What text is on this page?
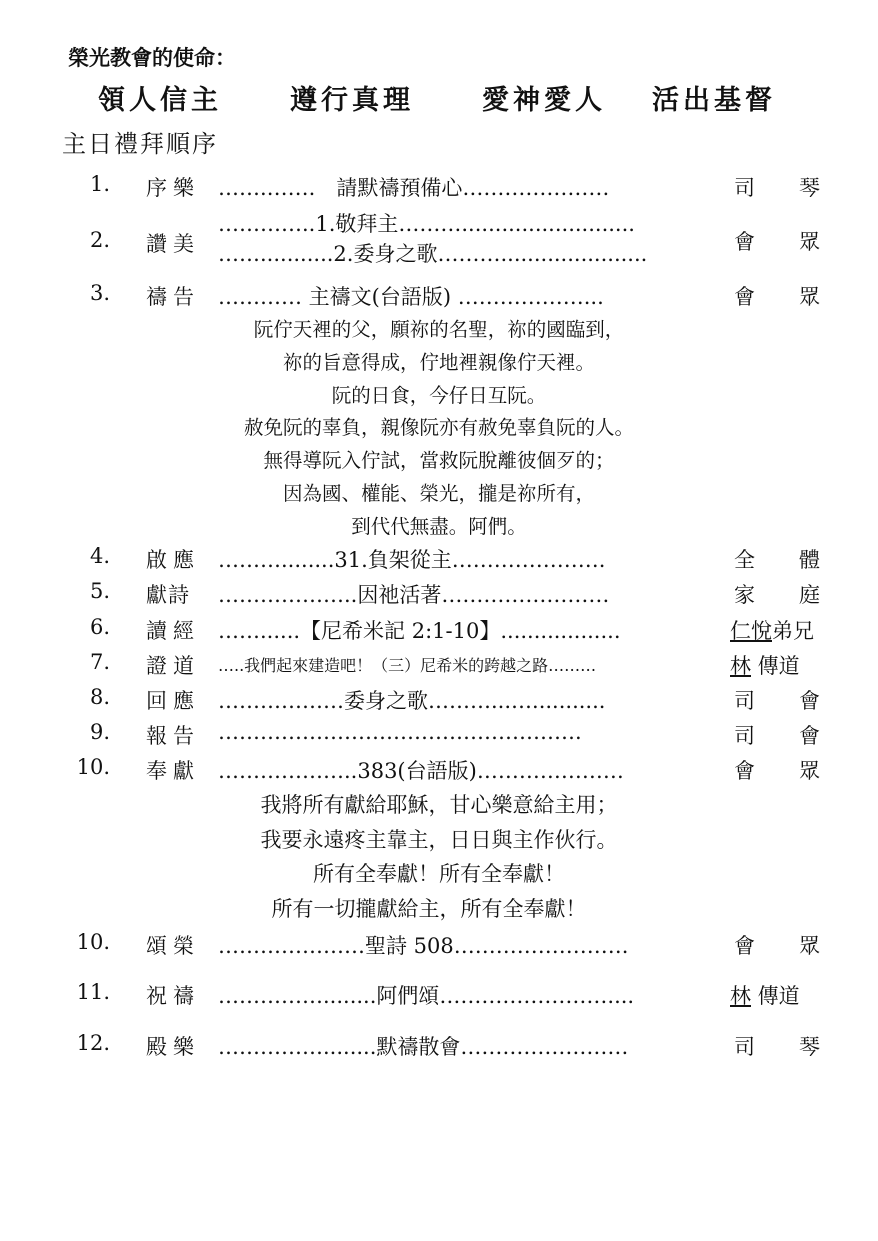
榮光教會的使命：
領人信主	遵行真理	愛神愛人 活出基督
主日禮拜順序
1. 序樂 …….…….　請默禱預備心…………………	司 琴
2. 讚美
…………..1.敬拜主………..........................
……...........2.委身之歌………......................	會 眾
3. 禱告 ………… 主禱文(台語版) ………………...	會 眾
阮佇天裡的父，願祢的名聖，祢的國臨到，
祢的旨意得成，佇地裡親像佇天裡。
阮的日食，今仔日互阮。
赦免阮的辜負，親像阮亦有赦免辜負阮的人。
無得導阮入佇試，當救阮脫離彼個歹的；
因為國、權能、榮光，攏是祢所有，
到代代無盡。阿們。
4. 啟應 ………........31.負架從主………………….	全 體
5. 獻詩 ………………..因祂活著……………………	家 庭
6. 讀經 ……......【尼希米記 2:1-10】..................	仁悅弟兄
7. 證道 …..我們起來建造吧！（三）尼希米的跨越之路………	林 傳道
8. 回應 ………………委身之歌………...…...........	司 會
9. 報告 …………………………………………….	司 會
10. 奉獻 ………………..383(台語版)…………………	會 眾
我將所有獻給耶穌，甘心樂意給主用；
我要永遠疼主靠主，日日與主作伙行。
所有全奉獻！所有全奉獻！
所有一切攏獻給主，所有全奉獻！
10. 頌榮 …………………聖詩 508…………………….	會 眾
11. 祝禱 ……………........阿們頌……………………....	林 傳道
12. 殿樂 ……………........默禱散會……………………	司 琴
